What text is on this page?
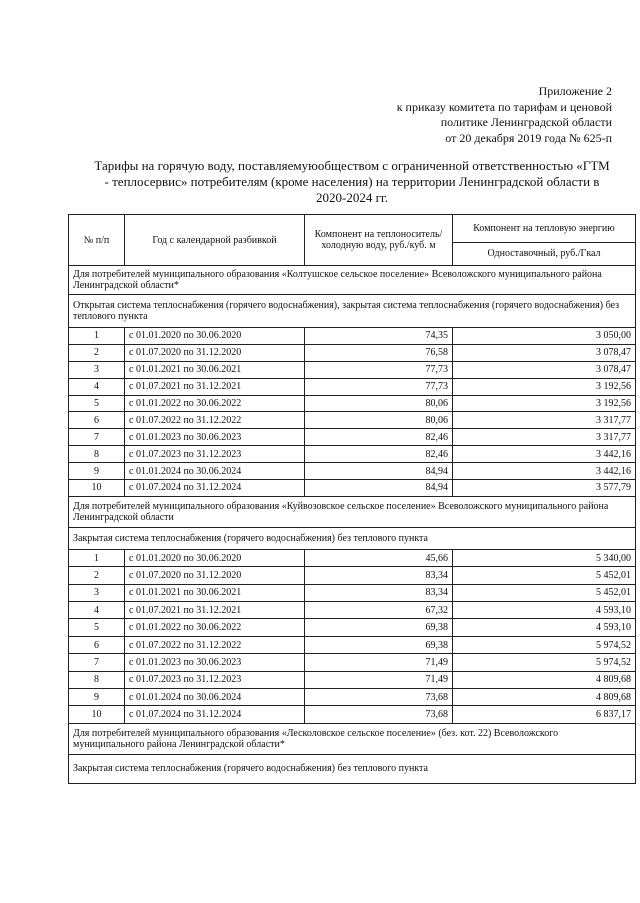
Приложение 2
к приказу комитета по тарифам и ценовой
политике Ленинградской области
от 20 декабря 2019 года № 625-п
Тарифы на горячую воду, поставляемуюобществом с ограниченной ответственностью «ГТМ - теплосервис» потребителям (кроме населения) на территории Ленинградской области в 2020-2024 гг.
№ п/п	Год с календарной разбивкой	Компонент на теплоноситель/ холодную воду, руб./куб. м	Компонент на тепловую энергию
			Одноставочный, руб./Гкал
Для потребителей муниципального образования «Колтушское сельское поселение» Всеволожского муниципального района Ленинградской области*			
Открытая система теплоснабжения (горячего водоснабжения), закрытая система теплоснабжения (горячего водоснабжения) без теплового пункта			
1	с 01.01.2020 по 30.06.2020	74,35	3 050,00
2	с 01.07.2020 по 31.12.2020	76,58	3 078,47
3	с 01.01.2021 по 30.06.2021	77,73	3 078,47
4	с 01.07.2021 по 31.12.2021	77,73	3 192,56
5	с 01.01.2022 по 30.06.2022	80,06	3 192,56
6	с 01.07.2022 по 31.12.2022	80,06	3 317,77
7	с 01.01.2023 по 30.06.2023	82,46	3 317,77
8	с 01.07.2023 по 31.12.2023	82,46	3 442,16
9	с 01.01.2024 по 30.06.2024	84,94	3 442,16
10	с 01.07.2024 по 31.12.2024	84,94	3 577,79
Для потребителей муниципального образования «Куйвозовское сельское поселение» Всеволожского муниципального района Ленинградской области			
Закрытая система теплоснабжения (горячего водоснабжения) без теплового пункта			
1	с 01.01.2020 по 30.06.2020	45,66	5 340,00
2	с 01.07.2020 по 31.12.2020	83,34	5 452,01
3	с 01.01.2021 по 30.06.2021	83,34	5 452,01
4	с 01.07.2021 по 31.12.2021	67,32	4 593,10
5	с 01.01.2022 по 30.06.2022	69,38	4 593,10
6	с 01.07.2022 по 31.12.2022	69,38	5 974,52
7	с 01.01.2023 по 30.06.2023	71,49	5 974,52
8	с 01.07.2023 по 31.12.2023	71,49	4 809,68
9	с 01.01.2024 по 30.06.2024	73,68	4 809,68
10	с 01.07.2024 по 31.12.2024	73,68	6 837,17
Для потребителей муниципального образования «Лесколовское сельское поселение» (без. кот. 22) Всеволожского муниципального района Ленинградской области*			
Закрытая система теплоснабжения (горячего водоснабжения) без теплового пункта			
